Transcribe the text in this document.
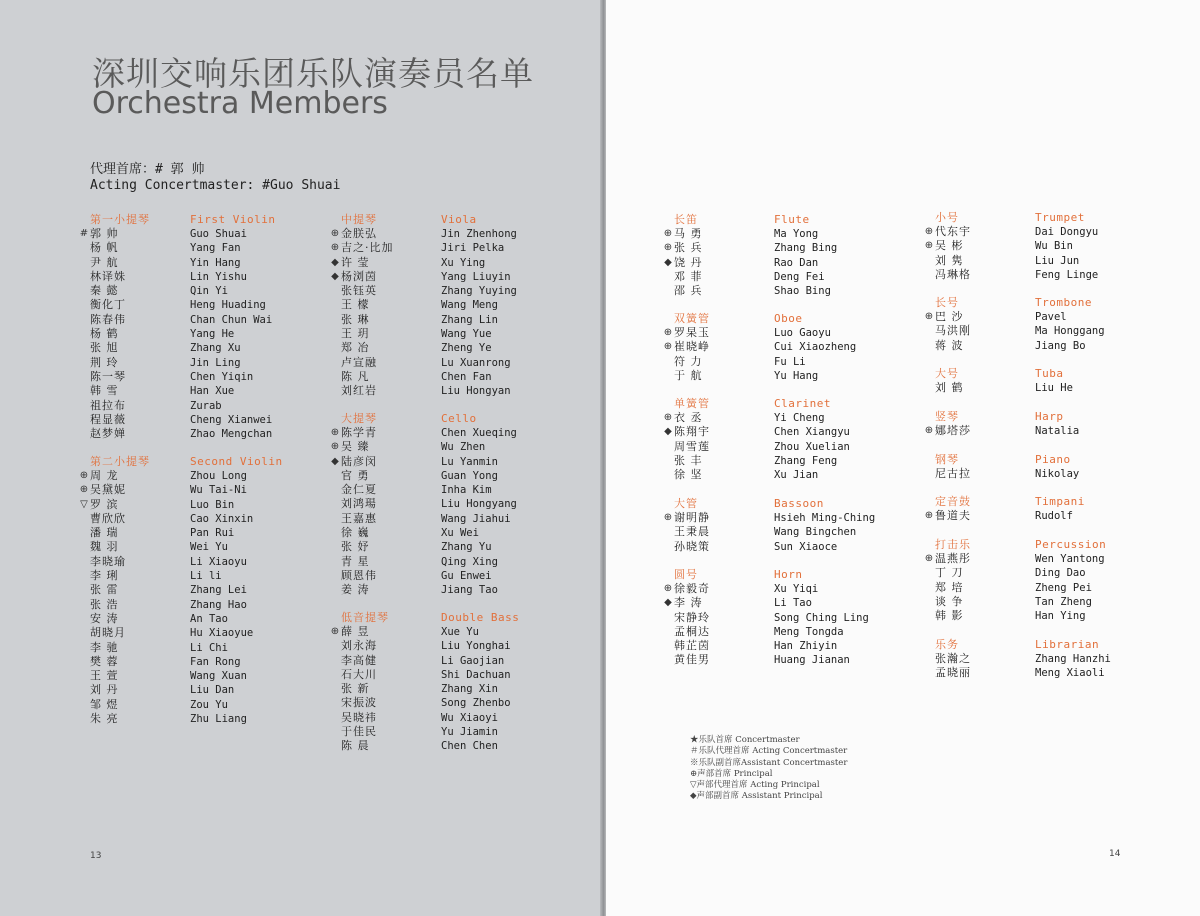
深圳交响乐团乐队演奏员名单
Orchestra Members
代理首席：# 郭 帅
Acting Concertmaster: #Guo Shuai
13	14
第一小提琴	First Violin
# 郭 帅	Guo Shuai
杨 帆	Yang Fan
尹 航	Yin Hang
林译姝	Lin Yishu
秦 懿	Qin Yi
衡化丁	Heng Huading
陈春伟	Chan Chun Wai
杨 鹤	Yang He
张 旭	Zhang Xu
荆 玲	Jin Ling
陈一琴	Chen Yiqin
韩 雪	Han Xue
祖拉布	Zurab
程显薇	Cheng Xianwei
赵梦婵	Zhao Mengchan
第二小提琴	Second Violin
⊕ 周 龙	Zhou Long
⊕ 吴黛妮	Wu Tai-Ni
▽ 罗 滨	Luo Bin
曹欣欣	Cao Xinxin
潘 瑞	Pan Rui
魏 羽	Wei Yu
李晓瑜	Li Xiaoyu
李 琍	Li li
张 雷	Zhang Lei
张 浩	Zhang Hao
安 涛	An Tao
胡晓月	Hu Xiaoyue
李 驰	Li Chi
樊 蓉	Fan Rong
王 萱	Wang Xuan
刘 丹	Liu Dan
邹 煜	Zou Yu
朱 亮	Zhu Liang
中提琴	Viola
⊕ 金朕弘	Jin Zhenhong
⊕ 吉之·比加	Jiri Pelka
◆ 许 莹	Xu Ying
◆ 杨浏茵	Yang Liuyin
张钰英	Zhang Yuying
王 檬	Wang Meng
张 琳	Zhang Lin
王 玥	Wang Yue
郑 冶	Zheng Ye
卢宣融	Lu Xuanrong
陈 凡	Chen Fan
刘红岩	Liu Hongyan
大提琴	Cello
⊕ 陈学青	Chen Xueqing
⊕ 吴 臻	Wu Zhen
◆ 陆彦闵	Lu Yanmin
官 勇	Guan Yong
金仁夏	Inha Kim
刘鸿瑒	Liu Hongyang
王嘉惠	Wang Jiahui
徐 巍	Xu Wei
张 妤	Zhang Yu
青 星	Qing Xing
顾恩伟	Gu Enwei
姜 涛	Jiang Tao
低音提琴	Double Bass
⊕ 薛 昱	Xue Yu
刘永海	Liu Yonghai
李高健	Li Gaojian
石大川	Shi Dachuan
张 新	Zhang Xin
宋振波	Song Zhenbo
吴晓祎	Wu Xiaoyi
于佳民	Yu Jiamin
陈 晨	Chen Chen
长笛	Flute
⊕ 马 勇	Ma Yong
⊕ 张 兵	Zhang Bing
◆ 饶 丹	Rao Dan
邓 菲	Deng Fei
邵 兵	Shao Bing
双簧管	Oboe
⊕ 罗杲玉	Luo Gaoyu
⊕ 崔晓峥	Cui Xiaozheng
符 力	Fu Li
于 航	Yu Hang
单簧管	Clarinet
⊕ 衣 丞	Yi Cheng
◆ 陈翔宇	Chen Xiangyu
周雪莲	Zhou Xuelian
张 丰	Zhang Feng
徐 坚	Xu Jian
大管	Bassoon
⊕ 谢明静	Hsieh Ming-Ching
王秉晨	Wang Bingchen
孙晓策	Sun Xiaoce
圆号	Horn
⊕ 徐毅奇	Xu Yiqi
◆ 李 涛	Li Tao
宋静玲	Song Ching Ling
孟桐达	Meng Tongda
韩芷茵	Han Zhiyin
黄佳男	Huang Jianan
小号	Trumpet
⊕ 代东宇	Dai Dongyu
⊕ 吴 彬	Wu Bin
刘 隽	Liu Jun
冯琳格	Feng Linge
长号	Trombone
⊕ 巴 沙	Pavel
马洪刚	Ma Honggang
蒋 波	Jiang Bo
大号	Tuba
刘 鹤	Liu He
竖琴	Harp
⊕ 娜塔莎	Natalia
钢琴	Piano
尼古拉	Nikolay
定音鼓	Timpani
⊕ 鲁道夫	Rudolf
打击乐	Percussion
⊕ 温燕彤	Wen Yantong
丁 刀	Ding Dao
郑 培	Zheng Pei
谈 争	Tan Zheng
韩 影	Han Ying
乐务	Librarian
张瀚之	Zhang Hanzhi
孟晓丽	Meng Xiaoli
★乐队首席 Concertmaster
＃乐队代理首席 Acting Concertmaster
※乐队副首席Assistant Concertmaster
⊕声部首席 Principal
▽声部代理首席 Acting Principal
◆声部副首席 Assistant Principal
